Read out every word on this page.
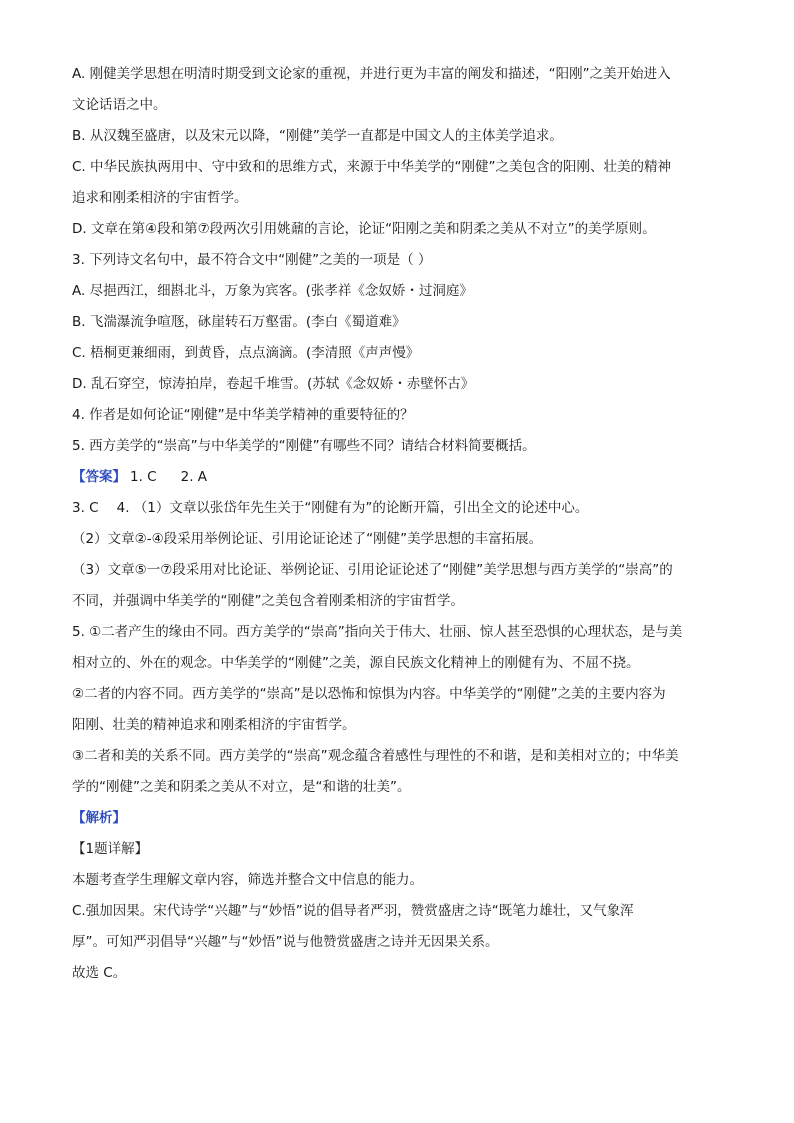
A. 刚健美学思想在明清时期受到文论家的重视，并进行更为丰富的阐发和描述，“阳刚”之美开始进入

文论话语之中。

B. 从汉魏至盛唐，以及宋元以降，“刚健”美学一直都是中国文人的主体美学追求。

C. 中华民族执两用中、守中致和的思维方式，来源于中华美学的“刚健”之美包含的阳刚、壮美的精神

追求和刚柔相济的宇宙哲学。

D. 文章在第④段和第⑦段两次引用姚鼐的言论，论证“阳刚之美和阴柔之美从不对立”的美学原则。

3. 下列诗文名句中，最不符合文中“刚健”之美的一项是（ ）

A. 尽挹西江，细斟北斗，万象为宾客。(张孝祥《念奴娇・过洞庭》

B. 飞湍瀑流争喧豗，砯崖转石万壑雷。(李白《蜀道难》

C. 梧桐更兼细雨，到黄昏，点点滴滴。(李清照《声声慢》

D. 乱石穿空，惊涛拍岸，卷起千堆雪。(苏轼《念奴娇・赤壁怀古》

4. 作者是如何论证“刚健”是中华美学精神的重要特征的？

5. 西方美学的“崇高”与中华美学的“刚健”有哪些不同？请结合材料简要概括。

【答案】 1. C 2. A

3. C 4. （1）文章以张岱年先生关于“刚健有为”的论断开篇，引出全文的论述中心。

（2）文章②-④段采用举例论证、引用论证论述了“刚健”美学思想的丰富拓展。

（3）文章⑤一⑦段采用对比论证、举例论证、引用论证论述了“刚健”美学思想与西方美学的“崇高”的

不同，并强调中华美学的“刚健”之美包含着刚柔相济的宇宙哲学。

5. ①二者产生的缘由不同。西方美学的“崇高”指向关于伟大、壮丽、惊人甚至恐惧的心理状态，是与美

相对立的、外在的观念。中华美学的“刚健”之美，源自民族文化精神上的刚健有为、不屈不挠。

②二者的内容不同。西方美学的“崇高”是以恐怖和惊惧为内容。中华美学的“刚健”之美的主要内容为

阳刚、壮美的精神追求和刚柔相济的宇宙哲学。

③二者和美的关系不同。西方美学的“崇高”观念蕴含着感性与理性的不和谐，是和美相对立的；中华美

学的“刚健”之美和阴柔之美从不对立，是“和谐的壮美”。

【解析】

【1题详解】

本题考查学生理解文章内容，筛选并整合文中信息的能力。

C.强加因果。宋代诗学“兴趣”与“妙悟”说的倡导者严羽，赞赏盛唐之诗“既笔力雄壮，又气象浑

厚”。可知严羽倡导“兴趣”与“妙悟”说与他赞赏盛唐之诗并无因果关系。

故选 C。
